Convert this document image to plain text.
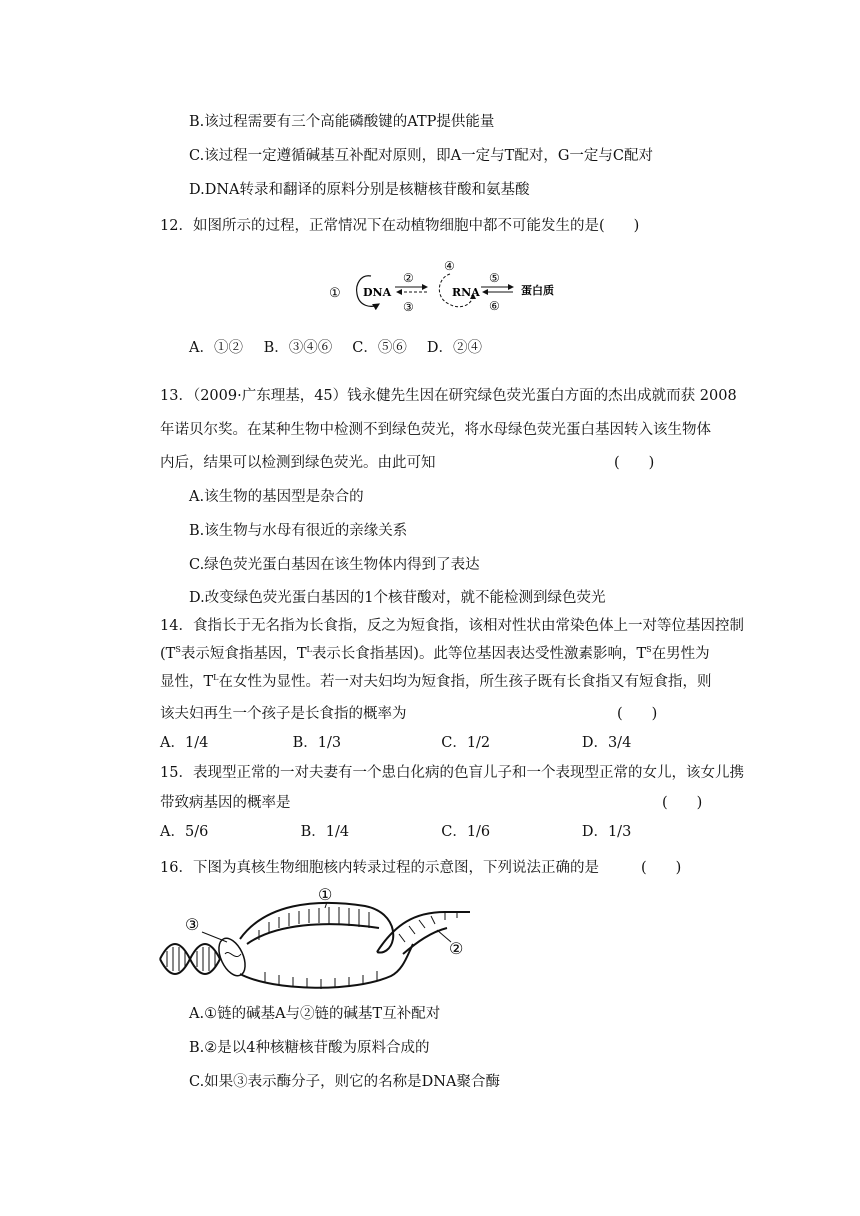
B.该过程需要有三个高能磷酸键的ATP提供能量
C.该过程一定遵循碱基互补配对原则，即A一定与T配对，G一定与C配对
D.DNA转录和翻译的原料分别是核糖核苷酸和氨基酸
12．如图所示的过程，正常情况下在动植物细胞中都不可能发生的是(　　)
① DNA
②
③
④
RNA
⑤
⑥
蛋白质
A．①② B．③④⑥ C．⑤⑥ D．②④
13．（2009·广东理基，45）钱永健先生因在研究绿色荧光蛋白方面的杰出成就而获 2008
年诺贝尔奖。在某种生物中检测不到绿色荧光，将水母绿色荧光蛋白基因转入该生物体
内后，结果可以检测到绿色荧光。由此可知	(　　)
A.该生物的基因型是杂合的
B.该生物与水母有很近的亲缘关系
C.绿色荧光蛋白基因在该生物体内得到了表达
D.改变绿色荧光蛋白基因的1个核苷酸对，就不能检测到绿色荧光
14．食指长于无名指为长食指，反之为短食指，该相对性状由常染色体上一对等位基因控制
($T^S$表示短食指基因，$T^L$表示长食指基因)。此等位基因表达受性激素影响，$T^S$在男性为
显性，$T^L$在女性为显性。若一对夫妇均为短食指，所生孩子既有长食指又有短食指，则
该夫妇再生一个孩子是长食指的概率为	(　　)
A．1/4	B．1/3	C．1/2	D．3/4
15．表现型正常的一对夫妻有一个患白化病的色盲儿子和一个表现型正常的女儿，该女儿携
带致病基因的概率是	(　　)
A．5/6	B．1/4	C．1/6	D．1/3
16．下图为真核生物细胞核内转录过程的示意图，下列说法正确的是	(　　)
①
②
③
A.①链的碱基A与②链的碱基T互补配对
B.②是以4种核糖核苷酸为原料合成的
C.如果③表示酶分子，则它的名称是DNA聚合酶
